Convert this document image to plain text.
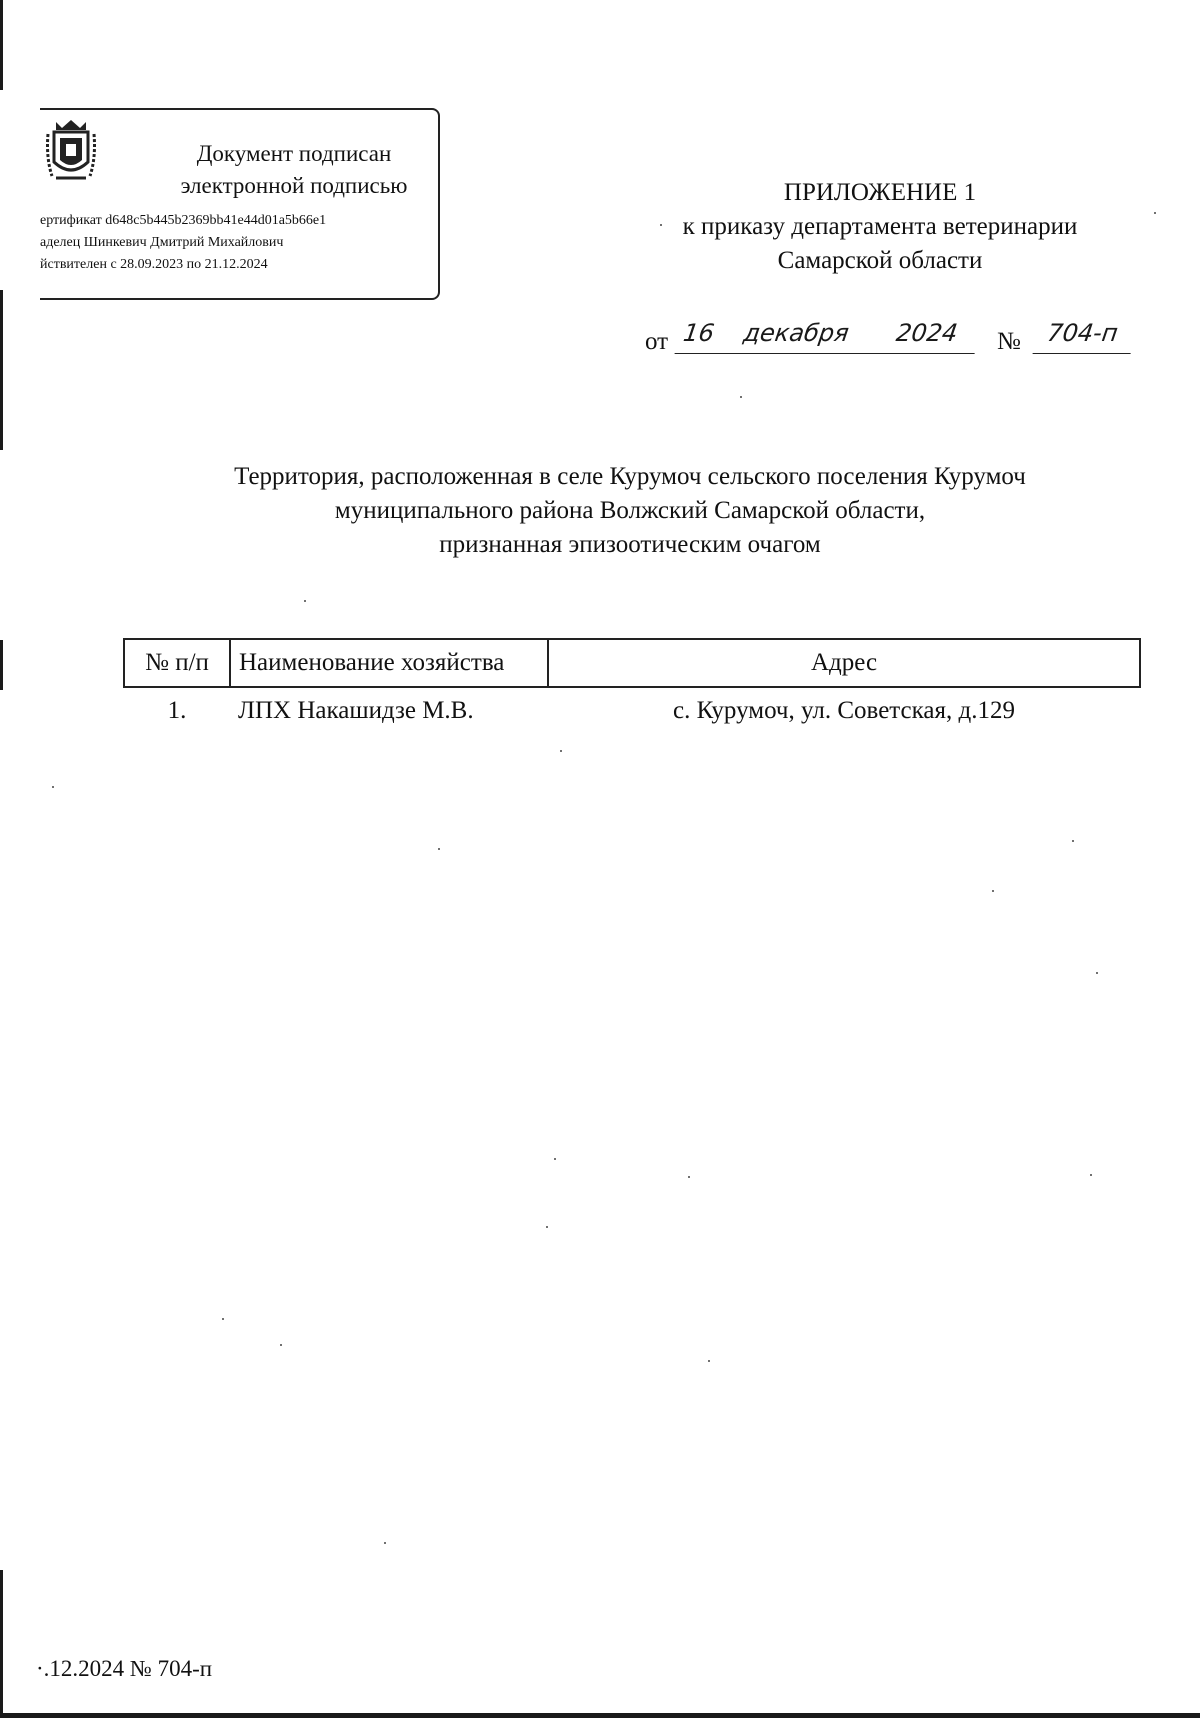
Документ подписан
электронной подписью
ертификат d648c5b445b2369bb41e44d01a5b66e1
аделец Шинкевич Дмитрий Михайлович
йствителен с 28.09.2023 по 21.12.2024
ПРИЛОЖЕНИЕ 1
к приказу департамента ветеринарии
Самарской области
от 16 декабря 2024	№	704-п
Территория, расположенная в селе Курумоч сельского поселения Курумоч
муниципального района Волжский Самарской области,
признанная эпизоотическим очагом
№ п/п	Наименование хозяйства	Адрес
1.	ЛПХ Накашидзе М.В.	с. Курумоч, ул. Советская, д.129
·.12.2024 № 704-п
